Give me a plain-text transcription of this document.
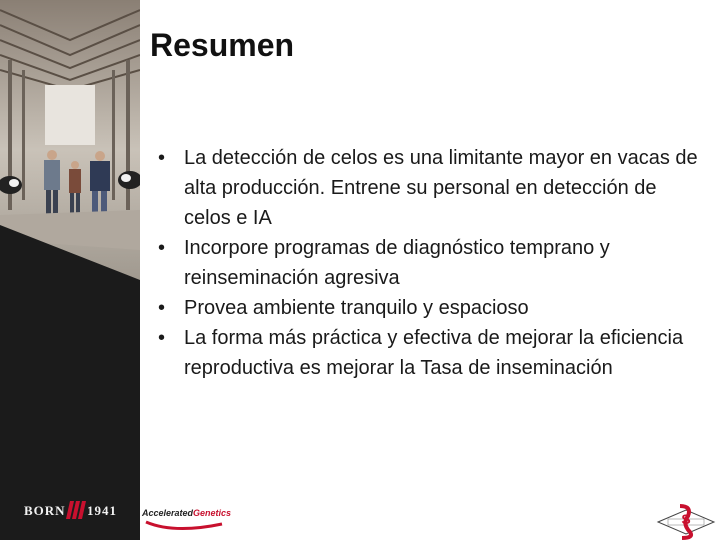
BORN 1941
Resumen
• La detección de celos es una limitante mayor en vacas de alta producción. Entrene su personal en detección de celos e IA
• Incorpore programas de diagnóstico temprano y reinseminación agresiva
• Provea ambiente tranquilo y espacioso
• La forma más práctica y efectiva de mejorar la eficiencia reproductiva es mejorar la Tasa de inseminación
AcceleratedGenetics	S
